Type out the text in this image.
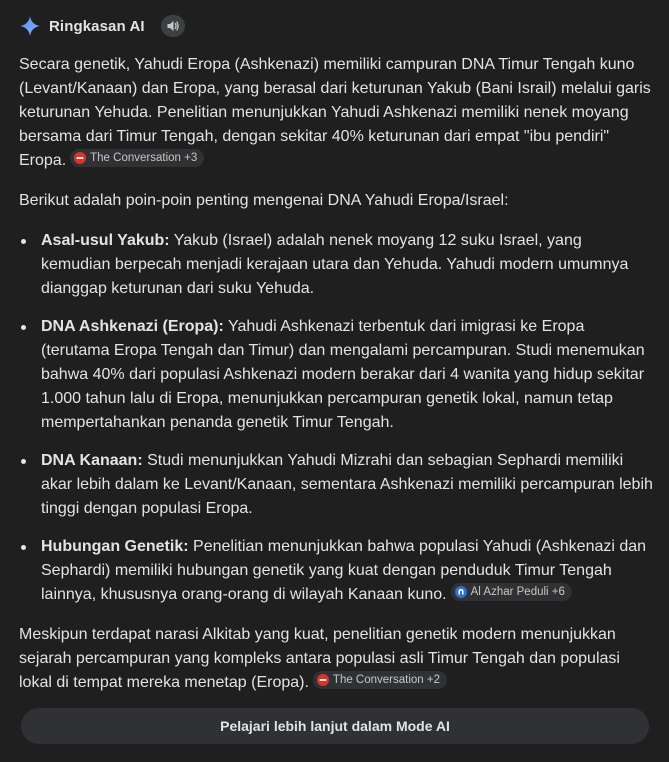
Ringkasan AI

Secara genetik, Yahudi Eropa (Ashkenazi) memiliki campuran DNA Timur Tengah kuno (Levant/Kanaan) dan Eropa, yang berasal dari keturunan Yakub (Bani Israil) melalui garis keturunan Yehuda. Penelitian menunjukkan Yahudi Ashkenazi memiliki nenek moyang bersama dari Timur Tengah, dengan sekitar 40% keturunan dari empat "ibu pendiri" Eropa. The Conversation +3

Berikut adalah poin-poin penting mengenai DNA Yahudi Eropa/Israel:

Asal-usul Yakub: Yakub (Israel) adalah nenek moyang 12 suku Israel, yang kemudian berpecah menjadi kerajaan utara dan Yehuda. Yahudi modern umumnya dianggap keturunan dari suku Yehuda.
DNA Ashkenazi (Eropa): Yahudi Ashkenazi terbentuk dari imigrasi ke Eropa (terutama Eropa Tengah dan Timur) dan mengalami percampuran. Studi menemukan bahwa 40% dari populasi Ashkenazi modern berakar dari 4 wanita yang hidup sekitar 1.000 tahun lalu di Eropa, menunjukkan percampuran genetik lokal, namun tetap mempertahankan penanda genetik Timur Tengah.
DNA Kanaan: Studi menunjukkan Yahudi Mizrahi dan sebagian Sephardi memiliki akar lebih dalam ke Levant/Kanaan, sementara Ashkenazi memiliki percampuran lebih tinggi dengan populasi Eropa.
Hubungan Genetik: Penelitian menunjukkan bahwa populasi Yahudi (Ashkenazi dan Sephardi) memiliki hubungan genetik yang kuat dengan penduduk Timur Tengah lainnya, khususnya orang-orang di wilayah Kanaan kuno. Al Azhar Peduli +6

Meskipun terdapat narasi Alkitab yang kuat, penelitian genetik modern menunjukkan sejarah percampuran yang kompleks antara populasi asli Timur Tengah dan populasi lokal di tempat mereka menetap (Eropa). The Conversation +2

Pelajari lebih lanjut dalam Mode AI
